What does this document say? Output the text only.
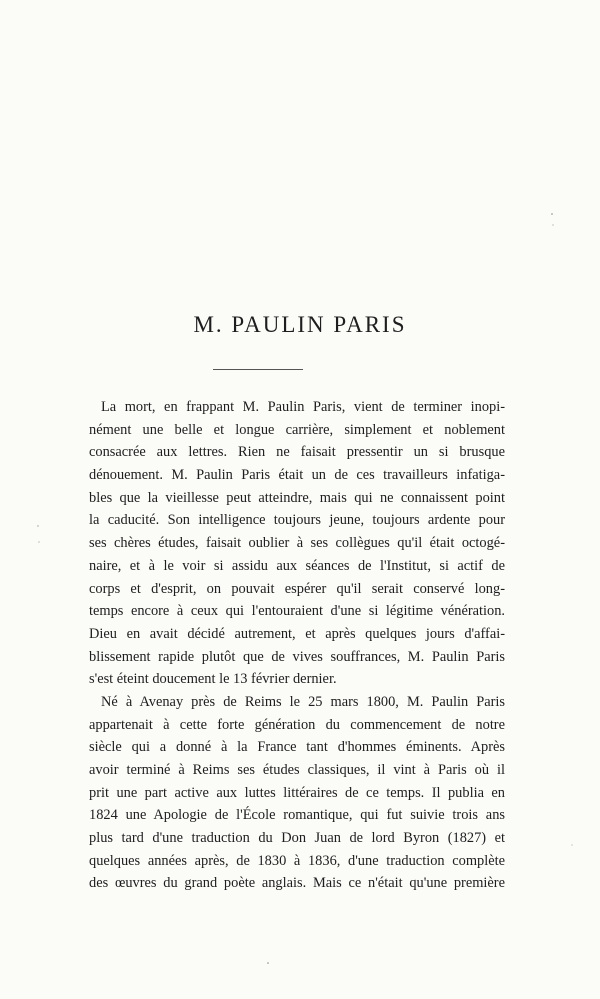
M. PAULIN PARIS
La mort, en frappant M. Paulin Paris, vient de terminer inopi-
nément une belle et longue carrière, simplement et noblement
consacrée aux lettres. Rien ne faisait pressentir un si brusque
dénouement. M. Paulin Paris était un de ces travailleurs infatiga-
bles que la vieillesse peut atteindre, mais qui ne connaissent point
la caducité. Son intelligence toujours jeune, toujours ardente pour
ses chères études, faisait oublier à ses collègues qu'il était octogé-
naire, et à le voir si assidu aux séances de l'Institut, si actif de
corps et d'esprit, on pouvait espérer qu'il serait conservé long-
temps encore à ceux qui l'entouraient d'une si légitime vénération.
Dieu en avait décidé autrement, et après quelques jours d'affai-
blissement rapide plutôt que de vives souffrances, M. Paulin Paris
s'est éteint doucement le 13 février dernier.
Né à Avenay près de Reims le 25 mars 1800, M. Paulin Paris
appartenait à cette forte génération du commencement de notre
siècle qui a donné à la France tant d'hommes éminents. Après
avoir terminé à Reims ses études classiques, il vint à Paris où il
prit une part active aux luttes littéraires de ce temps. Il publia en
1824 une Apologie de l'École romantique, qui fut suivie trois ans
plus tard d'une traduction du Don Juan de lord Byron (1827) et
quelques années après, de 1830 à 1836, d'une traduction complète
des œuvres du grand poète anglais. Mais ce n'était qu'une première
